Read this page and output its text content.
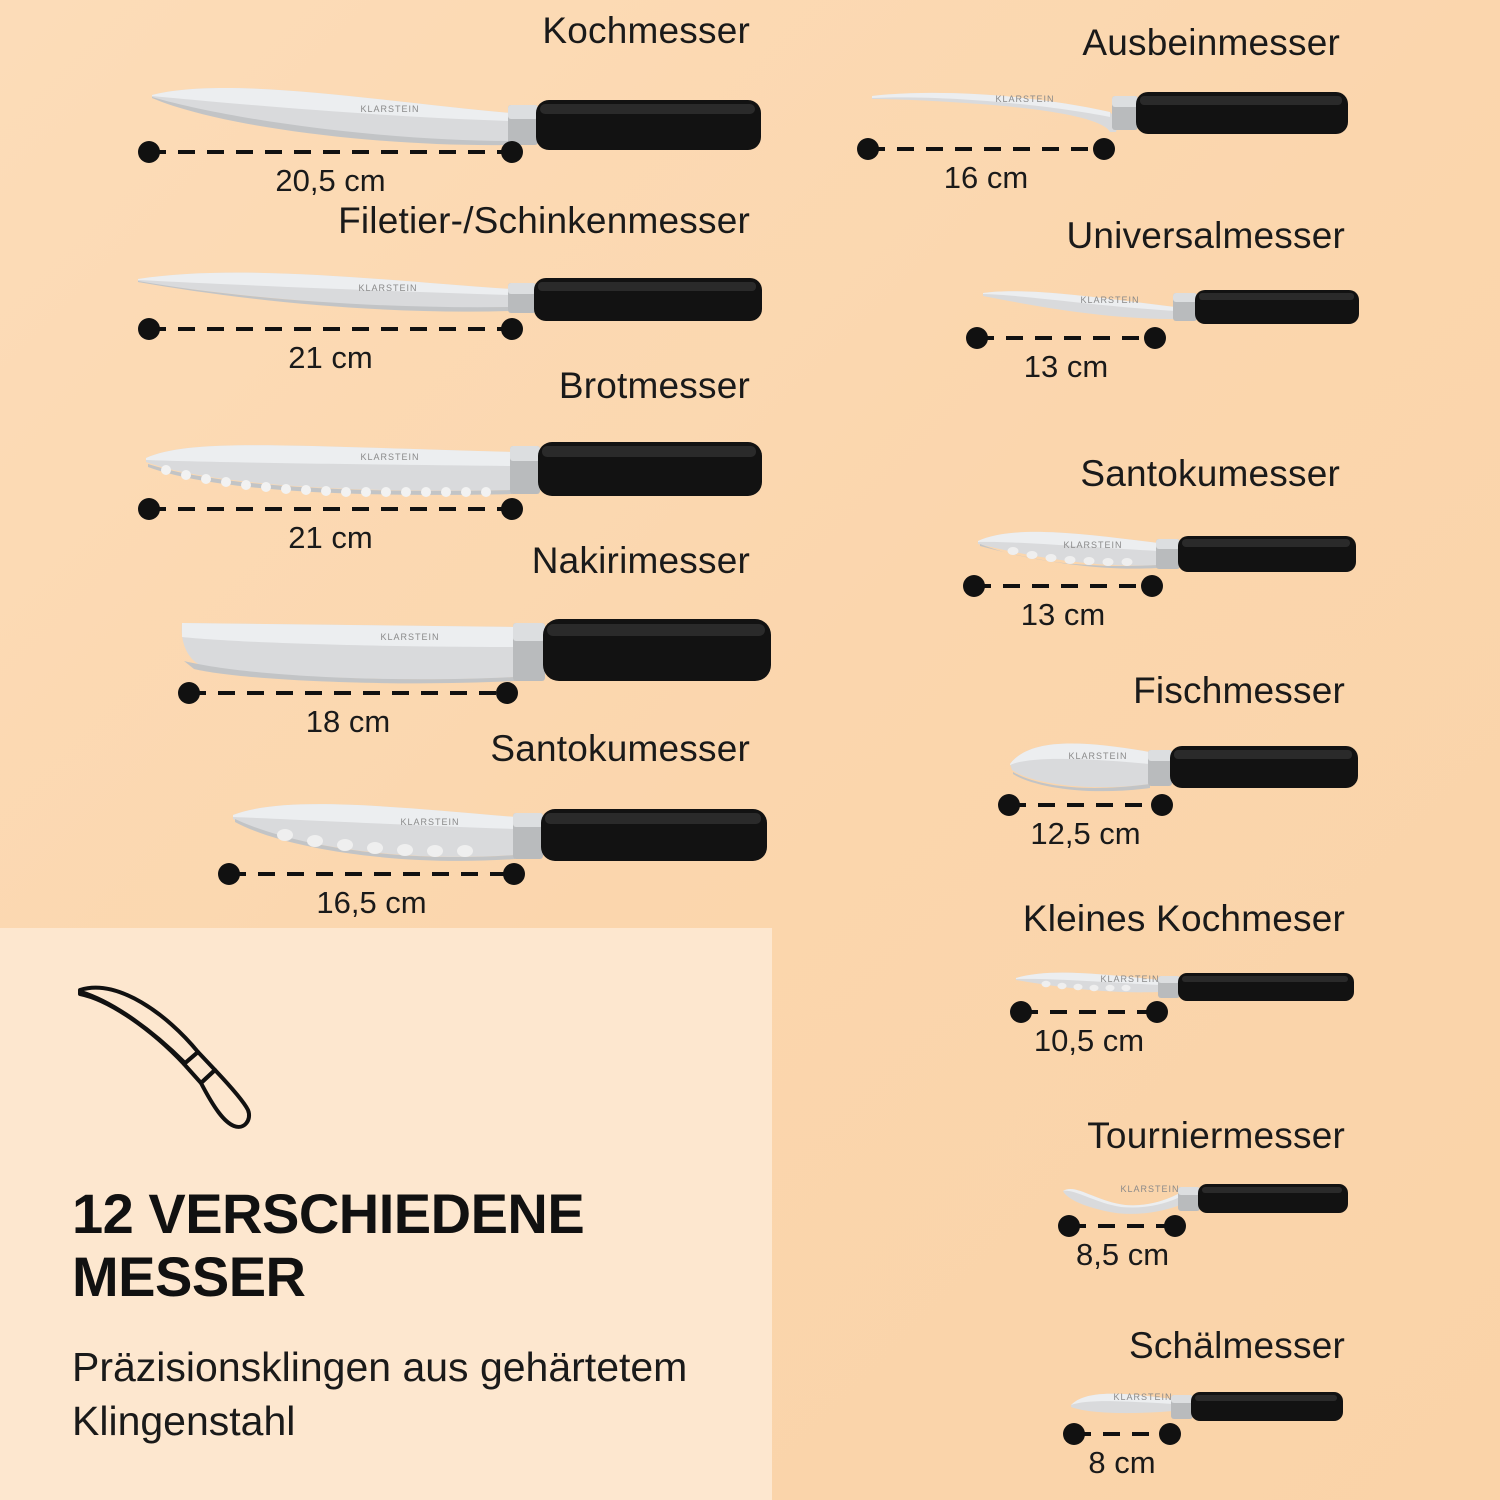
Kochmesser
KLARSTEIN
20,5 cm
Filetier-/Schinkenmesser
KLARSTEIN
21 cm
Brotmesser
KLARSTEIN
21 cm
Nakirimesser
KLARSTEIN
18 cm
Santokumesser
KLARSTEIN
16,5 cm
Ausbeinmesser
KLARSTEIN
16 cm
Universalmesser
KLARSTEIN
13 cm
Santokumesser
KLARSTEIN
13 cm
Fischmesser
KLARSTEIN
12,5 cm
Kleines Kochmeser
KLARSTEIN
10,5 cm
Tourniermesser
KLARSTEIN
8,5 cm
Schälmesser
KLARSTEIN
8 cm
12 VERSCHIEDENE MESSER
Präzisionsklingen aus gehärtetem Klingenstahl
